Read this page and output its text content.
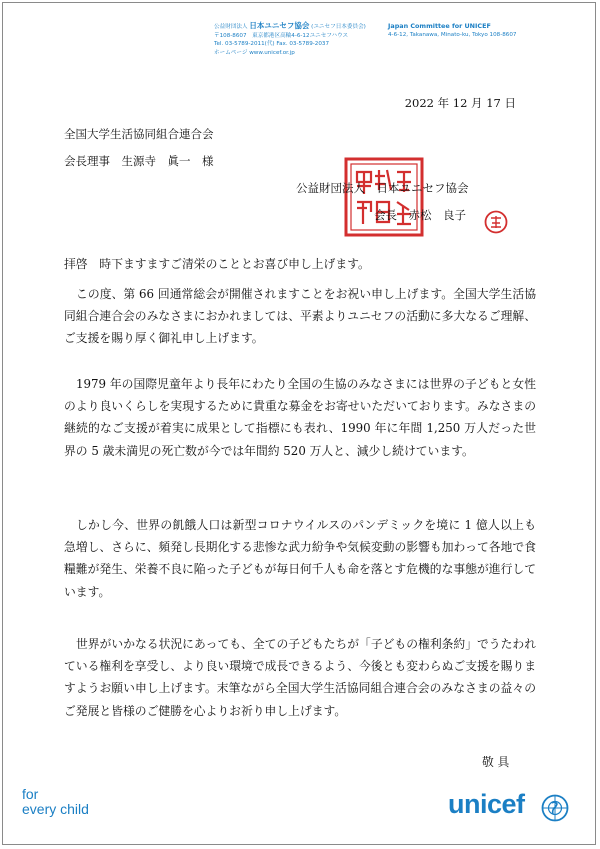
公益財団法人 日本ユニセフ協会 (ユニセフ日本委員会)
〒108-8607　東京都港区高輪4-6-12ユニセフハウス
Tel. 03-5789-2011(代) Fax. 03-5789-2037
ホームページ www.unicef.or.jp
Japan Committee for UNICEF
4-6-12, Takanawa, Minato-ku, Tokyo 108-8607
2022 年 12 月 17 日
全国大学生活協同組合連合会
会長理事　生源寺　眞一　様
公益財団法人　日本ユニセフ協会
会長　赤松　良子
拝啓　時下ますますご清栄のこととお喜び申し上げます。
この度、第 66 回通常総会が開催されますことをお祝い申し上げます。全国大学生活協同組合連合会のみなさまにおかれましては、平素よりユニセフの活動に多大なるご理解、ご支援を賜り厚く御礼申し上げます。
1979 年の国際児童年より長年にわたり全国の生協のみなさまには世界の子どもと女性のより良いくらしを実現するために貴重な募金をお寄せいただいております。みなさまの継続的なご支援が着実に成果として指標にも表れ、1990 年に年間 1,250 万人だった世界の 5 歳未満児の死亡数が今では年間約 520 万人と、減少し続けています。
しかし今、世界の飢餓人口は新型コロナウイルスのパンデミックを境に 1 億人以上も急増し、さらに、頻発し長期化する悲惨な武力紛争や気候変動の影響も加わって各地で食糧難が発生、栄養不良に陥った子どもが毎日何千人も命を落とす危機的な事態が進行しています。
世界がいかなる状況にあっても、全ての子どもたちが「子どもの権利条約」でうたわれている権利を享受し、より良い環境で成長できるよう、今後とも変わらぬご支援を賜りますようお願い申し上げます。末筆ながら全国大学生活協同組合連合会のみなさまの益々のご発展と皆様のご健勝を心よりお祈り申し上げます。
敬 具
for
every child	unicef
